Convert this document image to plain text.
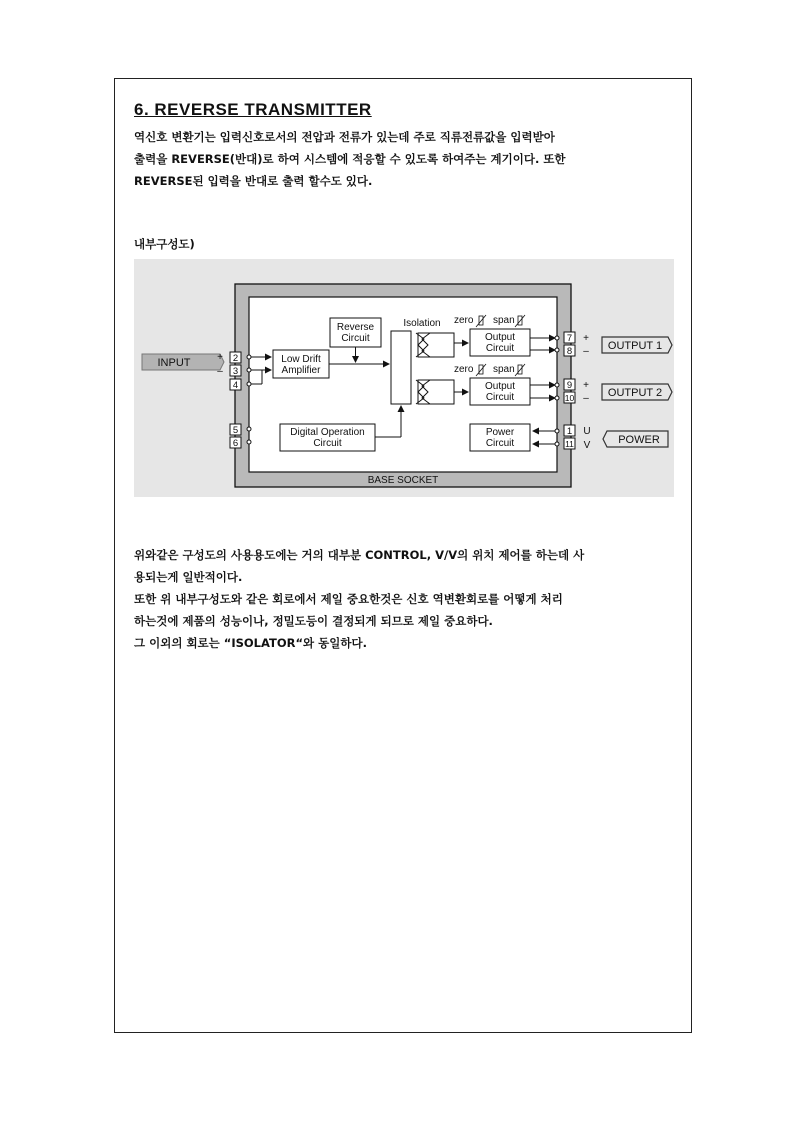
6. REVERSE TRANSMITTER

역신호 변환기는 입력신호로서의 전압과 전류가 있는데 주로 직류전류값을 입력받아
출력을 REVERSE(반대)로 하여 시스템에 적응할 수 있도록 하여주는 계기이다. 또한
REVERSE된 입력을 반대로 출력 할수도 있다.

내부구성도)

BASE SOCKET
INPUT	+
–
2
3
4
5
6
Low Drift
Amplifier
Reverse
Circuit
Isolation zero span
Output
Circuit
zero span
Output
Circuit
Digital Operation
Circuit
Power
Circuit
7
8
9
10
1
11
+
–
+
–
U
V
OUTPUT 1
OUTPUT 2
POWER

위와같은 구성도의 사용용도에는 거의 대부분 CONTROL, V/V의 위치 제어를 하는데 사
용되는게 일반적이다.
또한 위 내부구성도와 같은 회로에서 제일 중요한것은 신호 역변환회로를 어떻게 처리
하는것에 제품의 성능이나, 정밀도등이 결정되게 되므로 제일 중요하다.
그 이외의 회로는 “ISOLATOR“와 동일하다.
